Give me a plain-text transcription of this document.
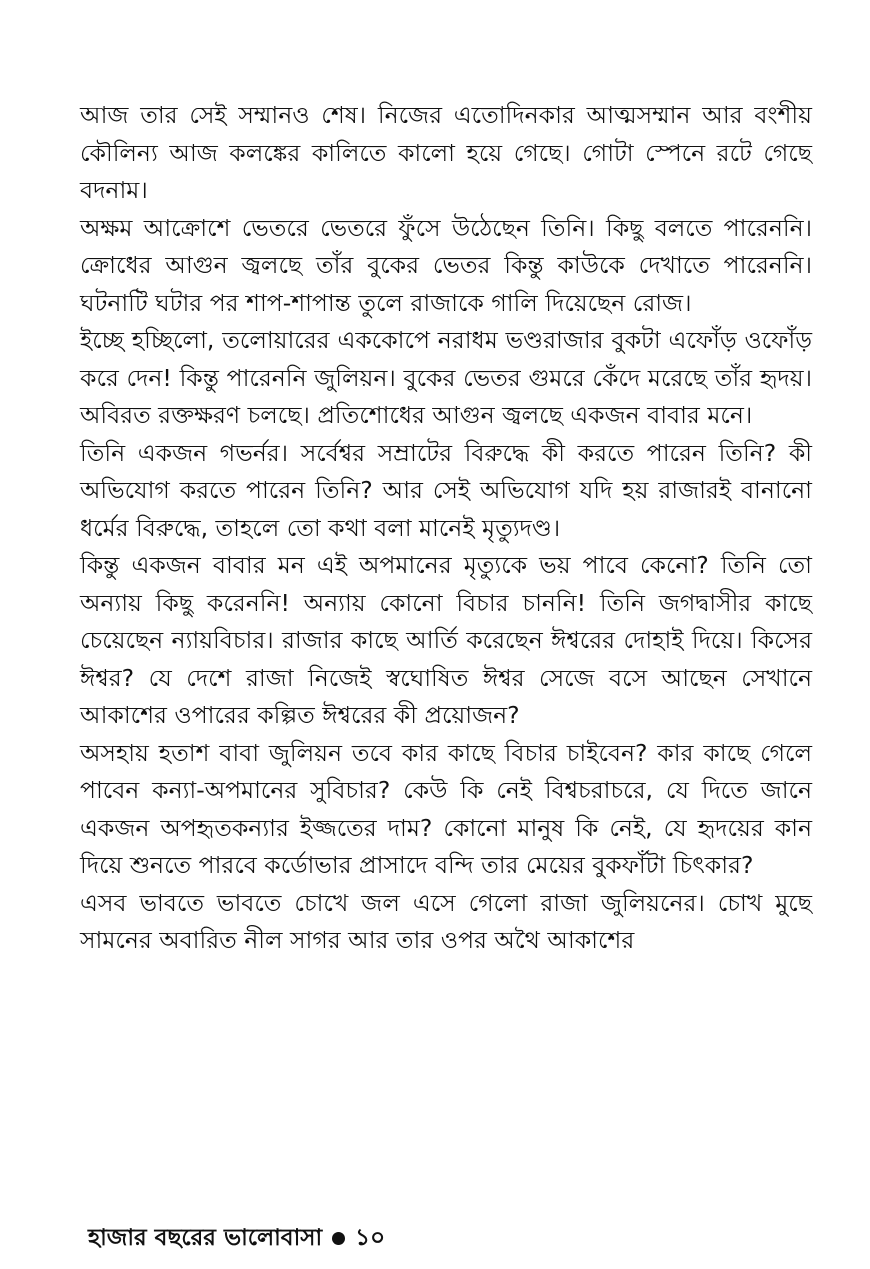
আজ তার সেই সম্মানও শেষ। নিজের এতোদিনকার আত্মসম্মান আর বংশীয় কৌলিন্য আজ কলঙ্কের কালিতে কালো হয়ে গেছে। গোটা স্পেনে রটে গেছে বদনাম।

অক্ষম আক্রোশে ভেতরে ভেতরে ফুঁসে উঠেছেন তিনি। কিছু বলতে পারেননি। ক্রোধের আগুন জ্বলছে তাঁর বুকের ভেতর কিন্তু কাউকে দেখাতে পারেননি। ঘটনাটি ঘটার পর শাপ-শাপান্ত তুলে রাজাকে গালি দিয়েছেন রোজ।

ইচ্ছে হচ্ছিলো, তলোয়ারের এককোপে নরাধম ভণ্ডরাজার বুকটা এফোঁড় ওফোঁড় করে দেন! কিন্তু পারেননি জুলিয়ন। বুকের ভেতর গুমরে কেঁদে মরেছে তাঁর হৃদয়। অবিরত রক্তক্ষরণ চলছে। প্রতিশোধের আগুন জ্বলছে একজন বাবার মনে।

তিনি একজন গভর্নর। সর্বেশ্বর সম্রাটের বিরুদ্ধে কী করতে পারেন তিনি? কী অভিযোগ করতে পারেন তিনি? আর সেই অভিযোগ যদি হয় রাজারই বানানো ধর্মের বিরুদ্ধে, তাহলে তো কথা বলা মানেই মৃত্যুদণ্ড।

কিন্তু একজন বাবার মন এই অপমানের মৃত্যুকে ভয় পাবে কেনো? তিনি তো অন্যায় কিছু করেননি! অন্যায় কোনো বিচার চাননি! তিনি জগদ্বাসীর কাছে চেয়েছেন ন্যায়বিচার। রাজার কাছে আর্তি করেছেন ঈশ্বরের দোহাই দিয়ে। কিসের ঈশ্বর? যে দেশে রাজা নিজেই স্বঘোষিত ঈশ্বর সেজে বসে আছেন সেখানে আকাশের ওপারের কল্পিত ঈশ্বরের কী প্রয়োজন?

অসহায় হতাশ বাবা জুলিয়ন তবে কার কাছে বিচার চাইবেন? কার কাছে গেলে পাবেন কন্যা-অপমানের সুবিচার? কেউ কি নেই বিশ্বচরাচরে, যে দিতে জানে একজন অপহৃতকন্যার ইজ্জতের দাম? কোনো মানুষ কি নেই, যে হৃদয়ের কান দিয়ে শুনতে পারবে কর্ডোভার প্রাসাদে বন্দি তার মেয়ের বুকফাঁটা চিৎকার?

এসব ভাবতে ভাবতে চোখে জল এসে গেলো রাজা জুলিয়নের। চোখ মুছে সামনের অবারিত নীল সাগর আর তার ওপর অথৈ আকাশের

হাজার বছরের ভালোবাসা ১০
